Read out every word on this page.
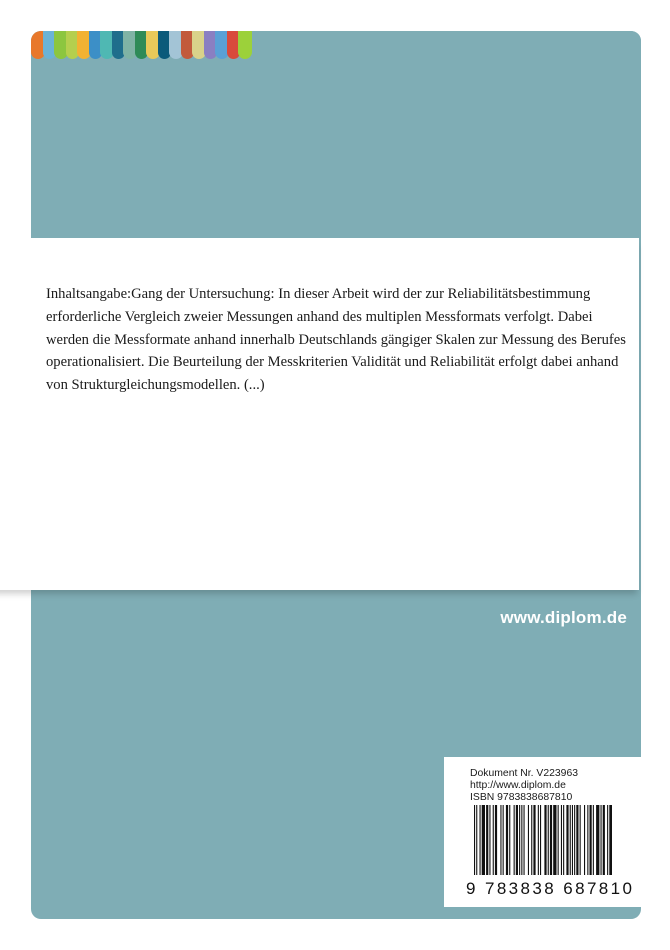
www.diplom.de

Inhaltsangabe:Gang der Untersuchung: In dieser Arbeit wird der zur Reliabilitätsbestimmung erforderliche Vergleich zweier Messungen anhand des multiplen Messformats verfolgt. Dabei werden die Messformate anhand innerhalb Deutschlands gängiger Skalen zur Messung des Berufes operationalisiert. Die Beurteilung der Messkriterien Validität und Reliabilität erfolgt dabei anhand von Strukturgleichungsmodellen. (...)

Dokument Nr. V223963
http://www.diplom.de
ISBN 9783838687810
9 783838 687810
